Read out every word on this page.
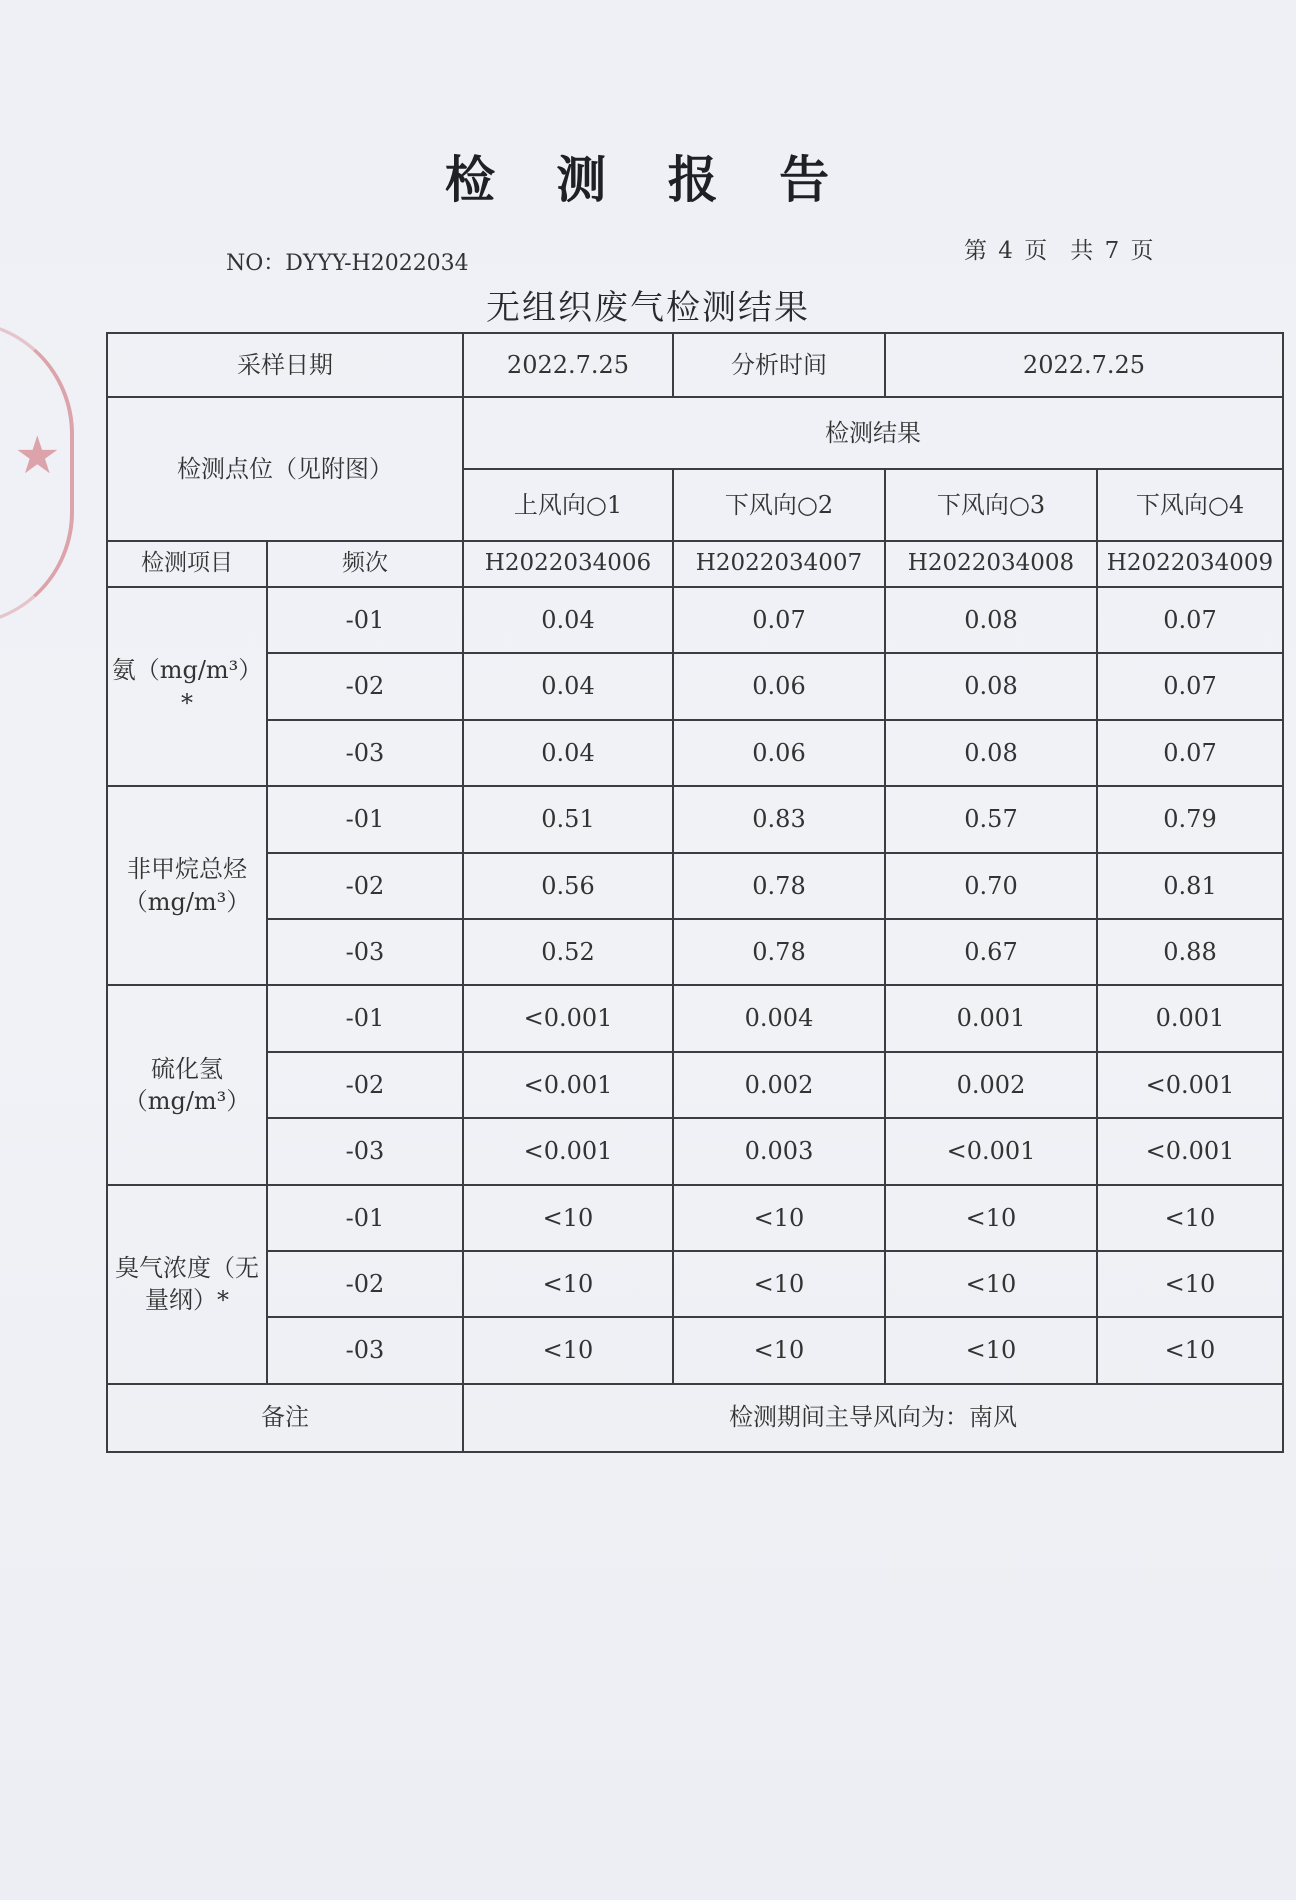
★
检 测 报 告
NO：DYYY-H2022034	第 4 页　共 7 页
无组织废气检测结果
采样日期		2022.7.25	分析时间	2022.7.25	
检测点位（见附图）		检测结果			
		上风向○1	下风向○2	下风向○3	下风向○4
检测项目	频次	H2022034006	H2022034007	H2022034008	H2022034009
氨（mg/m³）*	-01	0.04	0.07	0.08	0.07
	-02	0.04	0.06	0.08	0.07
	-03	0.04	0.06	0.08	0.07
非甲烷总烃（mg/m³）	-01	0.51	0.83	0.57	0.79
	-02	0.56	0.78	0.70	0.81
	-03	0.52	0.78	0.67	0.88
硫化氢（mg/m³）	-01	<0.001	0.004	0.001	0.001
	-02	<0.001	0.002	0.002	<0.001
	-03	<0.001	0.003	<0.001	<0.001
臭气浓度（无量纲）*	-01	<10	<10	<10	<10
	-02	<10	<10	<10	<10
	-03	<10	<10	<10	<10
备注		检测期间主导风向为：南风			
